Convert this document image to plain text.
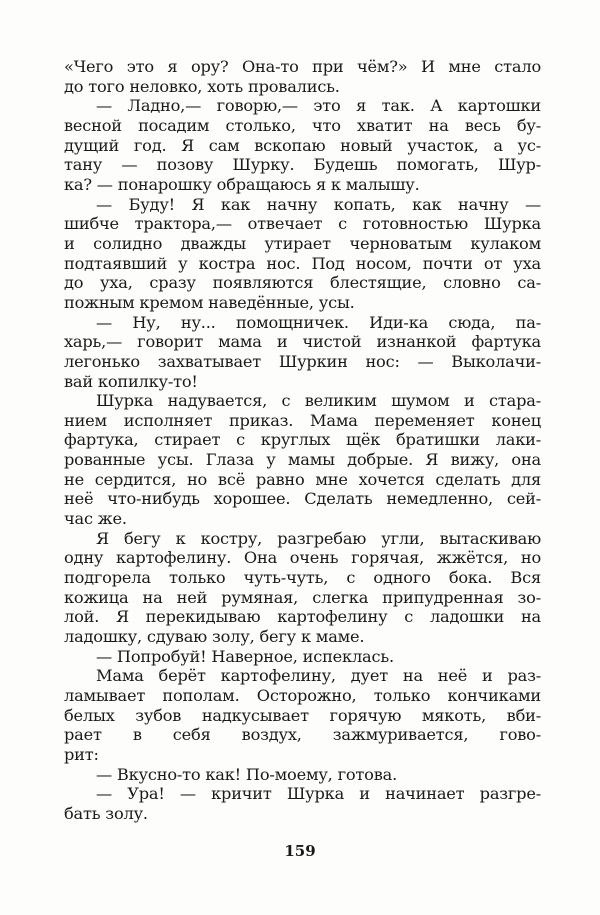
«Чего это я ору? Она-то при чём?» И мне стало
до того неловко, хоть провались.
— Ладно,— говорю,— это я так. А картошки
весной посадим столько, что хватит на весь бу-
дущий год. Я сам вскопаю новый участок, а ус-
тану — позову Шурку. Будешь помогать, Шур-
ка? — понарошку обращаюсь я к малышу.
— Буду! Я как начну копать, как начну —
шибче трактора,— отвечает с готовностью Шурка
и солидно дважды утирает черноватым кулаком
подтаявший у костра нос. Под носом, почти от уха
до уха, сразу появляются блестящие, словно са-
пожным кремом наведённые, усы.
— Ну, ну... помощничек. Иди-ка сюда, па-
харь,— говорит мама и чистой изнанкой фартука
легонько захватывает Шуркин нос: — Выколачи-
вай копилку-то!
Шурка надувается, с великим шумом и стара-
нием исполняет приказ. Мама переменяет конец
фартука, стирает с круглых щёк братишки лаки-
рованные усы. Глаза у мамы добрые. Я вижу, она
не сердится, но всё равно мне хочется сделать для
неё что-нибудь хорошее. Сделать немедленно, сей-
час же.
Я бегу к костру, разгребаю угли, вытаскиваю
одну картофелину. Она очень горячая, жжётся, но
подгорела только чуть-чуть, с одного бока. Вся
кожица на ней румяная, слегка припудренная зо-
лой. Я перекидываю картофелину с ладошки на
ладошку, сдуваю золу, бегу к маме.
— Попробуй! Наверное, испеклась.
Мама берёт картофелину, дует на неё и раз-
ламывает пополам. Осторожно, только кончиками
белых зубов надкусывает горячую мякоть, вби-
рает в себя воздух, зажмуривается, гово-
рит:
— Вкусно-то как! По-моему, готова.
— Ура! — кричит Шурка и начинает разгре-
бать золу.
159
